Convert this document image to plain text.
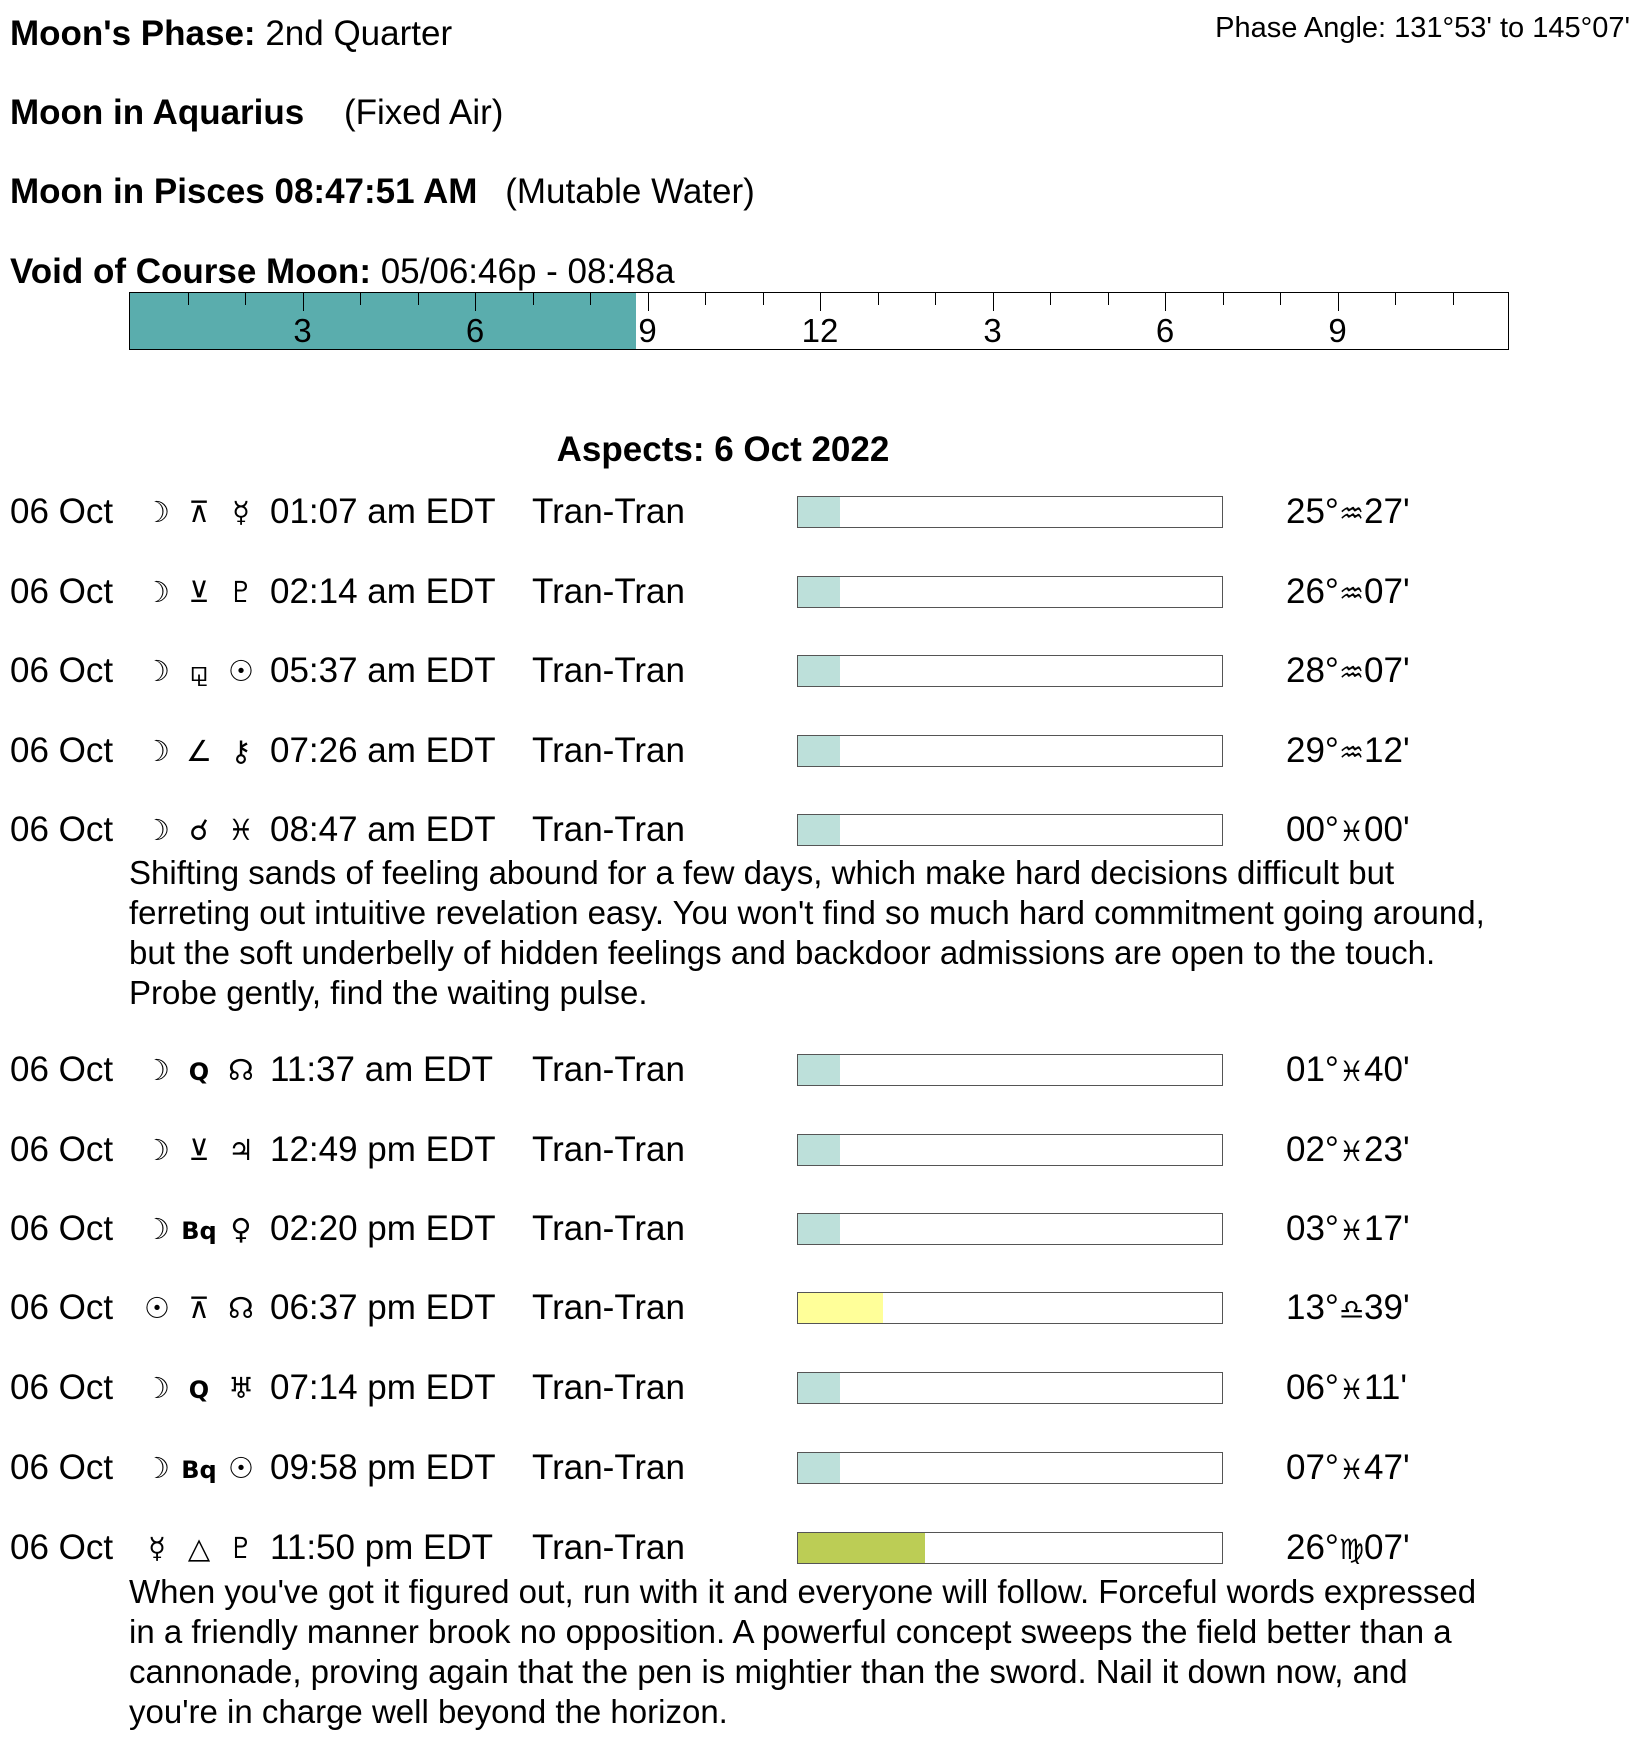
Moon's Phase: 2nd Quarter	Phase Angle: 131°53' to 145°07'
Moon in Aquarius (Fixed Air)
Moon in Pisces 08:47:51 AM (Mutable Water)
Void of Course Moon: 05/06:46p - 08:48a
3	6	9	12	3	6	9
Aspects: 6 Oct 2022
06 Oct ☽ ⊼ ☿ 01:07 am EDT Tran-Tran	25°♒27'
06 Oct ☽ ⊻ ♇ 02:14 am EDT Tran-Tran	26°♒07'
06 Oct ☽ ⚼ ☉ 05:37 am EDT Tran-Tran	28°♒07'
06 Oct ☽ ∠ ⚷ 07:26 am EDT Tran-Tran	29°♒12'
06 Oct ☽ ☌ ♓ 08:47 am EDT Tran-Tran	00°♓00'
Shifting sands of feeling abound for a few days, which make hard decisions difficult but
ferreting out intuitive revelation easy. You won't find so much hard commitment going around,
but the soft underbelly of hidden feelings and backdoor admissions are open to the touch.
Probe gently, find the waiting pulse.
06 Oct ☽ Q ☊ 11:37 am EDT Tran-Tran	01°♓40'
06 Oct ☽ ⊻ ♃ 12:49 pm EDT Tran-Tran	02°♓23'
06 Oct ☽ Bq ♀ 02:20 pm EDT Tran-Tran	03°♓17'
06 Oct ☉ ⊼ ☊ 06:37 pm EDT Tran-Tran	13°♎39'
06 Oct ☽ Q ♅ 07:14 pm EDT Tran-Tran	06°♓11'
06 Oct ☽ Bq ☉ 09:58 pm EDT Tran-Tran	07°♓47'
06 Oct	☿ △ ♇ 11:50 pm EDT Tran-Tran	26°♍07'
When you've got it figured out, run with it and everyone will follow. Forceful words expressed
in a friendly manner brook no opposition. A powerful concept sweeps the field better than a
cannonade, proving again that the pen is mightier than the sword. Nail it down now, and
you're in charge well beyond the horizon.
